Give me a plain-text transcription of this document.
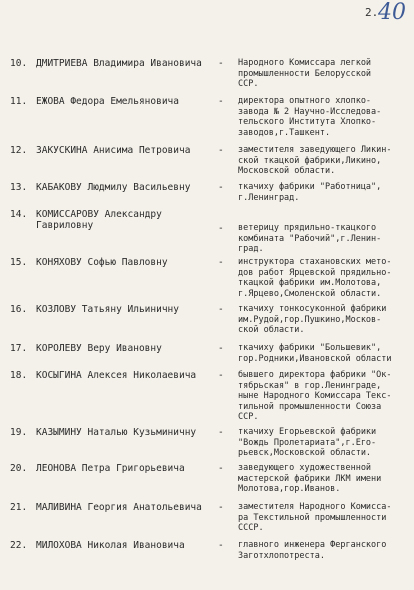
2. 40
10. ДМИТРИЕВА Владимира Ивановича	-	Народного Комиссара легкой
промышленности Белорусской
ССР.
11. ЕЖОВА Федора Емельяновича	-	директора опытного хлопко-
завода № 2 Научно-Исследова-
тельского Института Хлопко-
заводов,г.Ташкент.
12. ЗАКУСКИНА Анисима Петровича	-	заместителя заведующего Ликин-
ской ткацкой фабрики,Ликино,
Московской области.
13. КАБАКОВУ Людмилу Васильевну	-	ткачиху фабрики "Работница",
г.Ленинград.
14. КОМИССАРОВУ Александру Гавриловну	-	ветерицу прядильно-ткацкого
комбината "Рабочий",г.Ленин-
град.
15. КОНЯХОВУ Софью Павловну	-	инструктора стахановских мето-
дов работ Ярцевской прядильно-
ткацкой фабрики им.Молотова,
г.Ярцево,Смоленской области.
16. КОЗЛОВУ Татьяну Ильиничну	-	ткачиху тонкосуконной фабрики
им.Рудой,гор.Пушкино,Москов-
ской области.
17. КОРОЛЕВУ Веру Ивановну	-	ткачиху фабрики "Большевик",
гор.Родники,Ивановской области
18. КОСЫГИНА Алексея Николаевича	-	бывшего директора фабрики "Ок-
тябрьская" в гор.Ленинграде,
ныне Народного Комиссара Текс-
тильной промышленности Союза
ССР.
19. КАЗЫМИНУ Наталью Кузьминичну	-	ткачиху Егорьевской фабрики
"Вождь Пролетариата",г.Его-
рьевск,Московской области.
20. ЛЕОНОВА Петра Григорьевича	-	заведующего художественной
мастерской фабрики ЛКМ имени
Молотова,гор.Иванов.
21. МАЛИВИНА Георгия Анатольевича	-	заместителя Народного Комисса-
ра Текстильной промышленности
СССР.
22. МИЛОХОВА Николая Ивановича	-	главного инженера Ферганского
Заготхлопотреста.
